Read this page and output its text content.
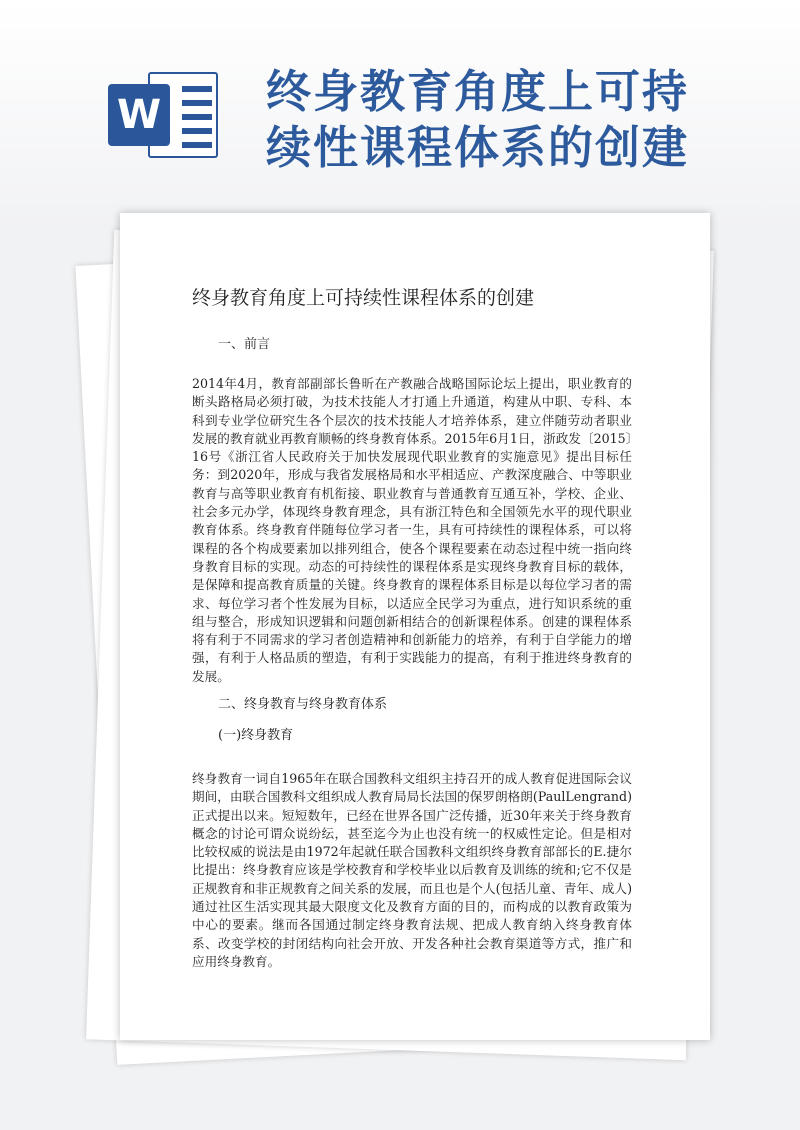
W 终身教育角度上可持续性课程体系的创建
终身教育角度上可持续性课程体系的创建

一、前言

2014年4月，教育部副部长鲁昕在产教融合战略国际论坛上提出，职业教育的断头路格局必须打破，为技术技能人才打通上升通道，构建从中职、专科、本科到专业学位研究生各个层次的技术技能人才培养体系，建立伴随劳动者职业发展的教育就业再教育顺畅的终身教育体系。2015年6月1日，浙政发〔2015〕16号《浙江省人民政府关于加快发展现代职业教育的实施意见》提出目标任务：到2020年，形成与我省发展格局和水平相适应、产教深度融合、中等职业教育与高等职业教育有机衔接、职业教育与普通教育互通互补，学校、企业、社会多元办学，体现终身教育理念，具有浙江特色和全国领先水平的现代职业教育体系。终身教育伴随每位学习者一生，具有可持续性的课程体系，可以将课程的各个构成要素加以排列组合，使各个课程要素在动态过程中统一指向终身教育目标的实现。动态的可持续性的课程体系是实现终身教育目标的载体，是保障和提高教育质量的关键。终身教育的课程体系目标是以每位学习者的需求、每位学习者个性发展为目标，以适应全民学习为重点，进行知识系统的重组与整合，形成知识逻辑和问题创新相结合的创新课程体系。创建的课程体系将有利于不同需求的学习者创造精神和创新能力的培养，有利于自学能力的增强，有利于人格品质的塑造，有利于实践能力的提高，有利于推进终身教育的发展。

二、终身教育与终身教育体系

(一)终身教育

终身教育一词自1965年在联合国教科文组织主持召开的成人教育促进国际会议期间，由联合国教科文组织成人教育局局长法国的保罗朗格朗(PaulLengrand)正式提出以来。短短数年，已经在世界各国广泛传播，近30年来关于终身教育概念的讨论可谓众说纷纭，甚至迄今为止也没有统一的权威性定论。但是相对比较权威的说法是由1972年起就任联合国教科文组织终身教育部部长的E.捷尔比提出：终身教育应该是学校教育和学校毕业以后教育及训练的统和;它不仅是正规教育和非正规教育之间关系的发展，而且也是个人(包括儿童、青年、成人)通过社区生活实现其最大限度文化及教育方面的目的，而构成的以教育政策为中心的要素。继而各国通过制定终身教育法规、把成人教育纳入终身教育体系、改变学校的封闭结构向社会开放、开发各种社会教育渠道等方式，推广和应用终身教育。
